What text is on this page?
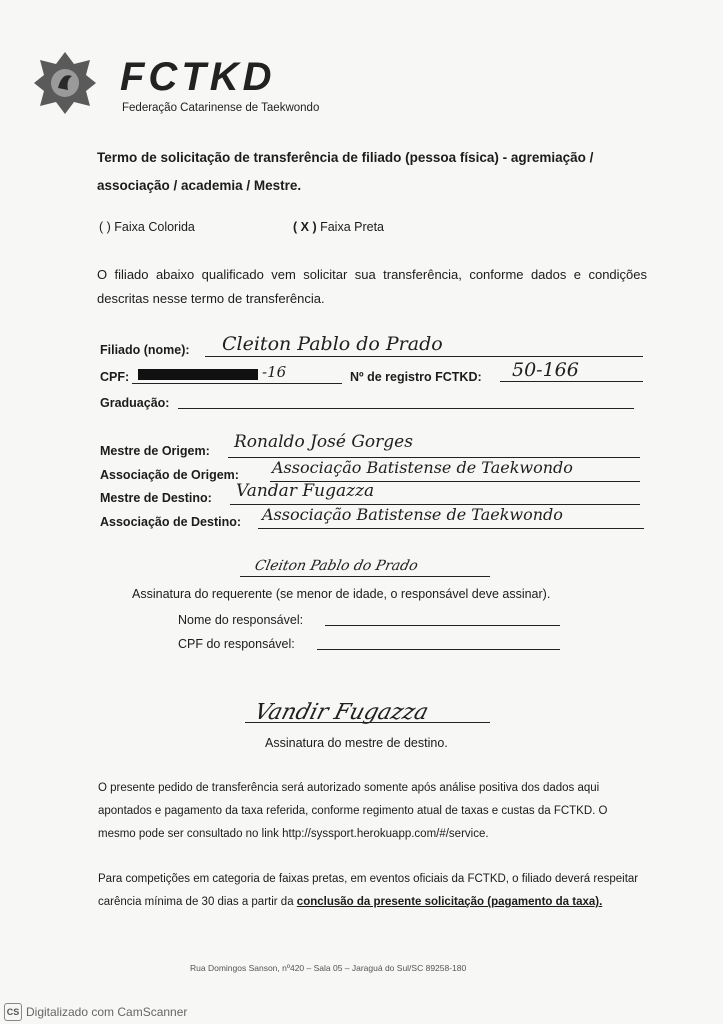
FCTKD
Federação Catarinense de Taekwondo
Termo de solicitação de transferência de filiado (pessoa física) - agremiação / associação / academia / Mestre.
( ) Faixa Colorida	( X ) Faixa Preta
O filiado abaixo qualificado vem solicitar sua transferência, conforme dados e condições descritas nesse termo de transferência.
Filiado (nome): Cleiton Pablo do Prado
CPF:	-16	Nº de registro FCTKD: 50-166
Graduação:
Mestre de Origem: Ronaldo José Gorges
Associação de Origem: Associação Batistense de Taekwondo
Mestre de Destino: Vandar Fugazza
Associação de Destino: Associação Batistense de Taekwondo
Cleiton Pablo do Prado
Assinatura do requerente (se menor de idade, o responsável deve assinar).
Nome do responsável:
CPF do responsável:
Vandir Fugazza
Assinatura do mestre de destino.
O presente pedido de transferência será autorizado somente após análise positiva dos dados aqui apontados e pagamento da taxa referida, conforme regimento atual de taxas e custas da FCTKD. O mesmo pode ser consultado no link http://syssport.herokuapp.com/#/service.
Para competições em categoria de faixas pretas, em eventos oficiais da FCTKD, o filiado deverá respeitar carência mínima de 30 dias a partir da conclusão da presente solicitação (pagamento da taxa).
Rua Domingos Sanson, nº420 – Sala 05 – Jaraguá do Sul/SC 89258-180
CS Digitalizado com CamScanner
